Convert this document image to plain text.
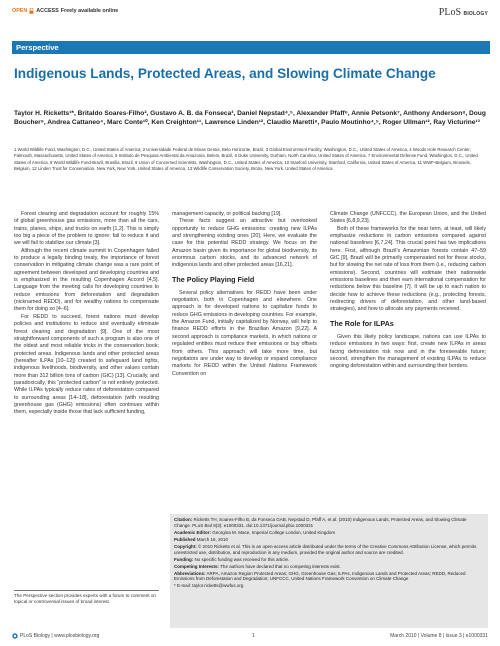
OPEN ACCESS Freely available online	PLoS BIOLOGY
Perspective
Indigenous Lands, Protected Areas, and Slowing Climate Change
Taylor H. Ricketts¹*, Britaldo Soares-Filho², Gustavo A. B. da Fonseca³, Daniel Nepstad⁴,⁵, Alexander Pfaff⁶, Annie Petsonk⁷, Anthony Anderson⁸, Doug Boucher⁹, Andrea Cattaneo⁴, Marc Conte¹⁰, Ken Creighton¹¹, Lawrence Linden¹², Claudio Maretti⁸, Paulo Moutinho⁴,⁵, Roger Ullman¹², Ray Victurine¹³
1 World Wildlife Fund, Washington, D.C., United States of America, 2 Universidade Federal de Minas Gerais, Belo Horizonte, Brazil, 3 Global Environment Facility, Washington, D.C., United States of America, 4 Woods Hole Research Center, Falmouth, Massachusetts, United States of America, 5 Instituto de Pesquisa Ambiental da Amazonia, Belem, Brazil, 6 Duke University, Durham, North Carolina, United States of America, 7 Environmental Defense Fund, Washington, D.C., United States of America, 8 World Wildlife Fund-Brazil, Brasilia, Brazil, 9 Union of Concerned Scientists, Washington, D.C., United States of America, 10 Stanford University, Stanford, California, United States of America, 11 WWF-Belgium, Brussels, Belgium, 12 Linden Trust for Conservation, New York, New York, United States of America, 13 Wildlife Conservation Society, Bronx, New York, United States of America

Forest clearing and degradation account for roughly 15% of global greenhouse gas emissions, more than all the cars, trains, planes, ships, and trucks on earth [1,2]. This is simply too big a piece of the problem to ignore; fail to reduce it and we will fail to stabilize our climate [3].

Although the recent climate summit in Copenhagen failed to produce a legally binding treaty, the importance of forest conservation in mitigating climate change was a rare point of agreement between developed and developing countries and is emphasized in the resulting Copenhagen Accord [4,5]. Language from the meeting calls for developing countries to reduce emissions from deforestation and degradation (nicknamed REDD), and for wealthy nations to compensate them for doing so [4–6].

For REDD to succeed, forest nations must develop policies and institutions to reduce and eventually eliminate forest clearing and degradation [9]. One of the most straightforward components of such a program is also one of the oldest and most reliable tricks in the conservation book: protected areas. Indigenous lands and other protected areas (hereafter ILPAs [10–12]) created to safeguard land rights, indigenous livelihoods, biodiversity, and other values contain more than 312 billion tons of carbon (GtC) [13]. Crucially, and paradoxically, this “protected carbon” is not entirely protected. While ILPAs typically reduce rates of deforestation compared to surrounding areas [14–18], deforestation (with resulting greenhouse gas (GHG) emissions) often continues within them, especially inside those that lack sufficient funding,

management capacity, or political backing [19].

These facts suggest an attractive but overlooked opportunity to reduce GHG emissions: creating new ILPAs and strengthening existing ones [20]. Here, we evaluate the case for this potential REDD strategy. We focus on the Amazon basin given its importance for global biodiversity, its enormous carbon stocks, and its advanced network of indigenous lands and other protected areas [16,21].

The Policy Playing Field

Several policy alternatives for REDD have been under negotiation, both in Copenhagen and elsewhere. One approach is for developed nations to capitalize funds to reduce GHG emissions in developing countries. For example, the Amazon Fund, initially capitalized by Norway, will help to finance REDD efforts in the Brazilian Amazon [9,22]. A second approach is compliance markets, in which nations or regulated entities must reduce their emissions or buy offsets from others. This approach will take more time, but negotiators are under way to develop or expand compliance markets for REDD within the United Nations Framework Convention on

Climate Change (UNFCCC), the European Union, and the United States [6,8,9,23].

Both of these frameworks for the near term, at least, will likely emphasize reductions in carbon emissions compared against national baselines [6,7,24]. This crucial point has two implications here. First, although Brazil’s Amazonian forests contain 47–59 GtC [9], Brazil will be primarily compensated not for these stocks, but for slowing the net rate of loss from them (i.e., reducing carbon emissions). Second, countries will estimate their nationwide emissions baselines and then earn international compensation for reductions below this baseline [7]. It will be up to each nation to decide how to achieve these reductions (e.g., protecting forests, redirecting drivers of deforestation, and other land-based strategies), and how to allocate any payments received.

The Role for ILPAs

Given this likely policy landscape, nations can use ILPAs to reduce emissions in two ways: first, create new ILPAs in areas facing deforestation risk now and in the foreseeable future; second, strengthen the management of existing ILPAs to reduce ongoing deforestation within and surrounding their borders.

The Perspective section provides experts with a forum to comment on topical or controversial issues of broad interest.
Citation: Ricketts TH, Soares-Filho B, da Fonseca GAB, Nepstad D, Pfaff A, et al. (2010) Indigenous Lands, Protected Areas, and Slowing Climate Change. PLoS Biol 8(3): e1000331. doi:10.1371/journal.pbio.1000331
Academic Editor: Georgina M. Mace, Imperial College London, United Kingdom
Published March 16, 2010
Copyright: © 2010 Ricketts et al. This is an open-access article distributed under the terms of the Creative Commons Attribution License, which permits unrestricted use, distribution, and reproduction in any medium, provided the original author and source are credited.
Funding: No specific funding was received for this article.
Competing Interests: The authors have declared that no competing interests exist.
Abbreviations: ARPA, Amazon Region Protected Areas; GHG, Greenhouse Gas; ILPAs, Indigenous Lands and Protected Areas; REDD, Reduced Emissions from Deforestation and Degradation; UNFCCC, United Nations Framework Convention on Climate Change
* E-mail: taylor.ricketts@wwfus.org
PLoS Biology | www.plosbiology.org	1	March 2010 | Volume 8 | Issue 3 | e1000331
